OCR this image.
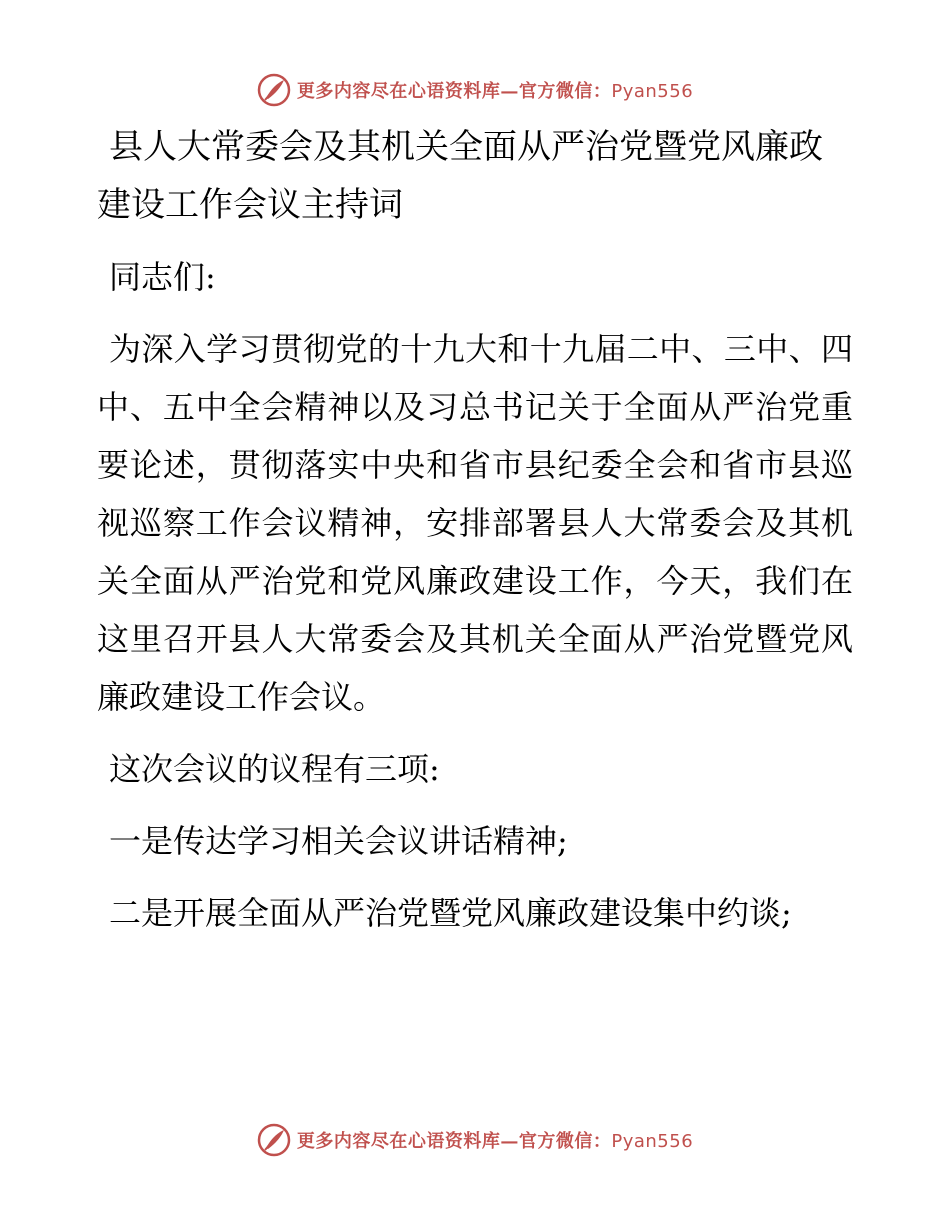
更多内容尽在心语资料库—官方微信：Pyan556
县人大常委会及其机关全面从严治党暨党风廉政建设工作会议主持词

同志们:

为深入学习贯彻党的十九大和十九届二中、三中、四中、五中全会精神以及习总书记关于全面从严治党重要论述，贯彻落实中央和省市县纪委全会和省市县巡视巡察工作会议精神，安排部署县人大常委会及其机关全面从严治党和党风廉政建设工作，今天，我们在这里召开县人大常委会及其机关全面从严治党暨党风廉政建设工作会议。

这次会议的议程有三项:

一是传达学习相关会议讲话精神;

二是开展全面从严治党暨党风廉政建设集中约谈;

更多内容尽在心语资料库—官方微信：Pyan556
